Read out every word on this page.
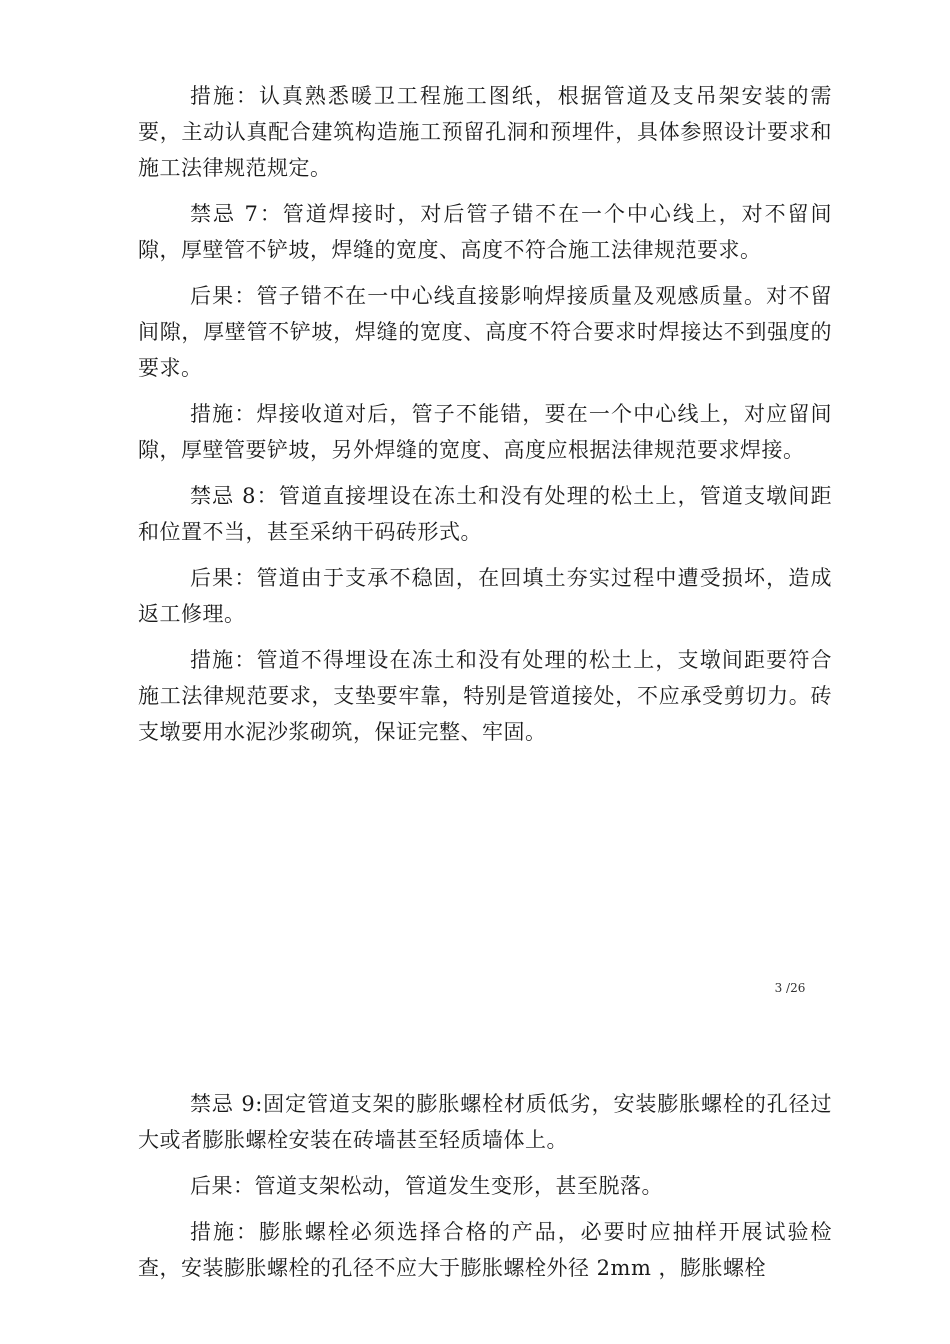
措施：认真熟悉暖卫工程施工图纸，根据管道及支吊架安装的需要，主动认真配合建筑构造施工预留孔洞和预埋件，具体参照设计要求和施工法律规范规定。

禁忌 7：管道焊接时，对后管子错不在一个中心线上，对不留间隙，厚壁管不铲坡，焊缝的宽度、高度不符合施工法律规范要求。

后果：管子错不在一中心线直接影响焊接质量及观感质量。对不留间隙，厚壁管不铲坡，焊缝的宽度、高度不符合要求时焊接达不到强度的要求。

措施：焊接收道对后，管子不能错，要在一个中心线上，对应留间隙，厚壁管要铲坡，另外焊缝的宽度、高度应根据法律规范要求焊接。

禁忌 8：管道直接埋设在冻土和没有处理的松土上，管道支墩间距和位置不当，甚至采纳干码砖形式。

后果：管道由于支承不稳固，在回填土夯实过程中遭受损坏，造成返工修理。

措施：管道不得埋设在冻土和没有处理的松土上，支墩间距要符合施工法律规范要求，支垫要牢靠，特别是管道接处，不应承受剪切力。砖支墩要用水泥沙浆砌筑，保证完整、牢固。

3 /26

禁忌 9:固定管道支架的膨胀螺栓材质低劣，安装膨胀螺栓的孔径过大或者膨胀螺栓安装在砖墙甚至轻质墙体上。

后果：管道支架松动，管道发生变形，甚至脱落。

措施：膨胀螺栓必须选择合格的产品，必要时应抽样开展试验检查，安装膨胀螺栓的孔径不应大于膨胀螺栓外径 2mm ，膨胀螺栓
